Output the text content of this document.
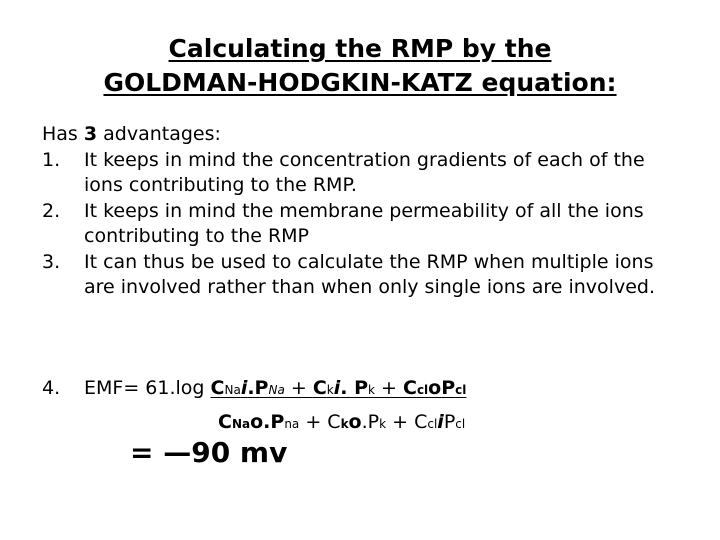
Calculating the RMP by the
GOLDMAN-HODGKIN-KATZ equation:
Has 3 advantages:
1.	It keeps in mind the concentration gradients of each of the ions contributing to the RMP.
2.	It keeps in mind the membrane permeability of all the ions contributing to the RMP
3.	It can thus be used to calculate the RMP when multiple ions are involved rather than when only single ions are involved.
4.	EMF= 61.log CNai.PNa + Cki. Pk + CcloPcl
CNao.Pna + Cko.Pk + CcliPcl
= —90 mv
